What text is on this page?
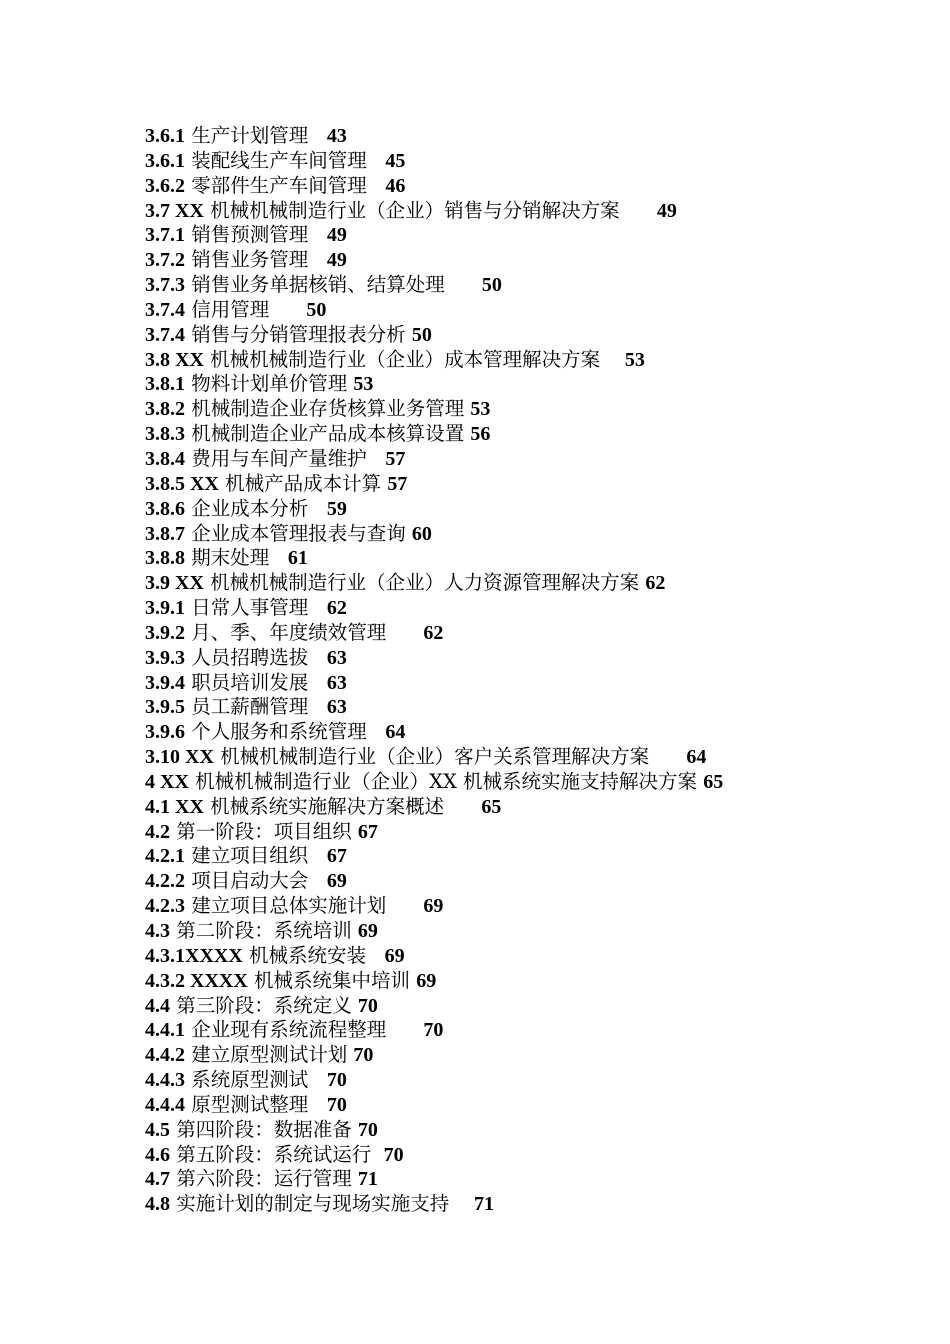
3.6.1 生产计划管理 43
3.6.1 装配线生产车间管理 45
3.6.2 零部件生产车间管理 46
3.7 XX 机械机械制造行业（企业）销售与分销解决方案 49
3.7.1 销售预测管理 49
3.7.2 销售业务管理 49
3.7.3 销售业务单据核销、结算处理 50
3.7.4 信用管理 50
3.7.4 销售与分销管理报表分析 50
3.8 XX 机械机械制造行业（企业）成本管理解决方案 53
3.8.1 物料计划单价管理 53
3.8.2 机械制造企业存货核算业务管理 53
3.8.3 机械制造企业产品成本核算设置 56
3.8.4 费用与车间产量维护 57
3.8.5 XX 机械产品成本计算 57
3.8.6 企业成本分析 59
3.8.7 企业成本管理报表与查询 60
3.8.8 期末处理 61
3.9 XX 机械机械制造行业（企业）人力资源管理解决方案 62
3.9.1 日常人事管理 62
3.9.2 月、季、年度绩效管理 62
3.9.3 人员招聘选拔 63
3.9.4 职员培训发展 63
3.9.5 员工薪酬管理 63
3.9.6 个人服务和系统管理 64
3.10 XX 机械机械制造行业（企业）客户关系管理解决方案 64
4 XX 机械机械制造行业（企业）XX 机械系统实施支持解决方案 65
4.1 XX 机械系统实施解决方案概述 65
4.2 第一阶段：项目组织 67
4.2.1 建立项目组织 67
4.2.2 项目启动大会 69
4.2.3 建立项目总体实施计划 69
4.3 第二阶段：系统培训 69
4.3.1XXXX 机械系统安装 69
4.3.2 XXXX 机械系统集中培训 69
4.4 第三阶段：系统定义 70
4.4.1 企业现有系统流程整理 70
4.4.2 建立原型测试计划 70
4.4.3 系统原型测试 70
4.4.4 原型测试整理 70
4.5 第四阶段：数据准备 70
4.6 第五阶段：系统试运行 70
4.7 第六阶段：运行管理 71
4.8 实施计划的制定与现场实施支持 71
